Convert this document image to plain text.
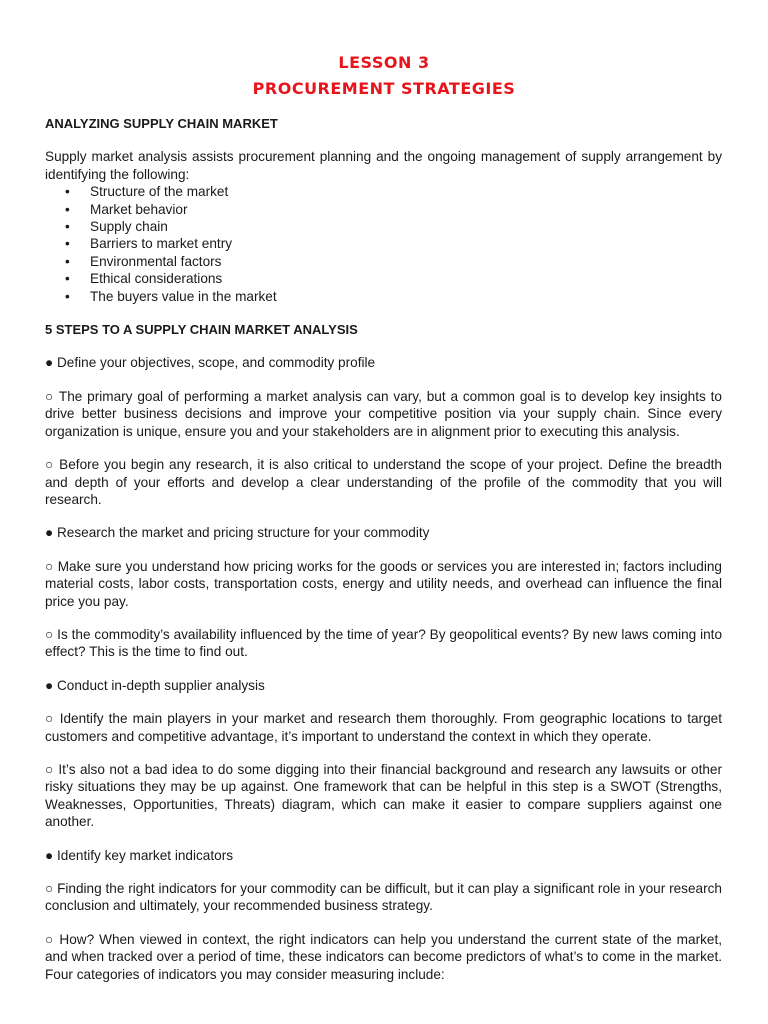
LESSON 3
PROCUREMENT STRATEGIES

ANALYZING SUPPLY CHAIN MARKET

Supply market analysis assists procurement planning and the ongoing management of supply arrangement by identifying the following:

• Structure of the market
• Market behavior
• Supply chain
• Barriers to market entry
• Environmental factors
• Ethical considerations
• The buyers value in the market

5 STEPS TO A SUPPLY CHAIN MARKET ANALYSIS

● Define your objectives, scope, and commodity profile

○ The primary goal of performing a market analysis can vary, but a common goal is to develop key insights to drive better business decisions and improve your competitive position via your supply chain. Since every organization is unique, ensure you and your stakeholders are in alignment prior to executing this analysis.

○ Before you begin any research, it is also critical to understand the scope of your project. Define the breadth and depth of your efforts and develop a clear understanding of the profile of the commodity that you will research.

● Research the market and pricing structure for your commodity

○ Make sure you understand how pricing works for the goods or services you are interested in; factors including material costs, labor costs, transportation costs, energy and utility needs, and overhead can influence the final price you pay.

○ Is the commodity’s availability influenced by the time of year? By geopolitical events? By new laws coming into effect? This is the time to find out.

● Conduct in-depth supplier analysis

○ Identify the main players in your market and research them thoroughly. From geographic locations to target customers and competitive advantage, it’s important to understand the context in which they operate.

○ It’s also not a bad idea to do some digging into their financial background and research any lawsuits or other risky situations they may be up against. One framework that can be helpful in this step is a SWOT (Strengths, Weaknesses, Opportunities, Threats) diagram, which can make it easier to compare suppliers against one another.

● Identify key market indicators

○ Finding the right indicators for your commodity can be difficult, but it can play a significant role in your research conclusion and ultimately, your recommended business strategy.

○ How? When viewed in context, the right indicators can help you understand the current state of the market, and when tracked over a period of time, these indicators can become predictors of what’s to come in the market. Four categories of indicators you may consider measuring include:
